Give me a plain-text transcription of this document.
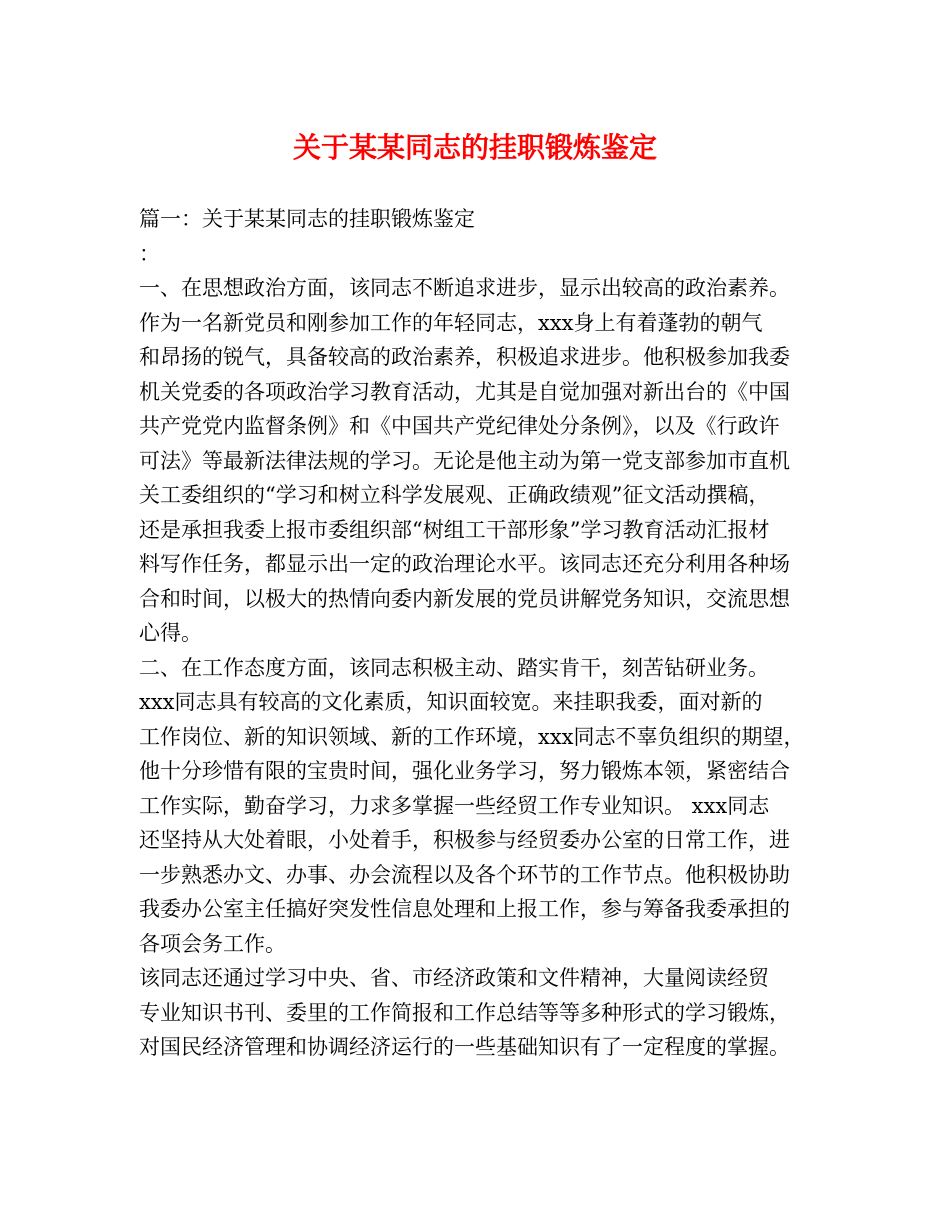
关于某某同志的挂职锻炼鉴定
篇一：关于某某同志的挂职锻炼鉴定
：
一、在思想政治方面，该同志不断追求进步，显示出较高的政治素养。
作为一名新党员和刚参加工作的年轻同志，xxx身上有着蓬勃的朝气
和昂扬的锐气，具备较高的政治素养，积极追求进步。他积极参加我委
机关党委的各项政治学习教育活动，尤其是自觉加强对新出台的《中国
共产党党内监督条例》和《中国共产党纪律处分条例》，以及《行政许
可法》等最新法律法规的学习。无论是他主动为第一党支部参加市直机
关工委组织的“学习和树立科学发展观、正确政绩观”征文活动撰稿，
还是承担我委上报市委组织部“树组工干部形象”学习教育活动汇报材
料写作任务，都显示出一定的政治理论水平。该同志还充分利用各种场
合和时间，以极大的热情向委内新发展的党员讲解党务知识，交流思想
心得。
二、在工作态度方面，该同志积极主动、踏实肯干，刻苦钻研业务。
xxx同志具有较高的文化素质，知识面较宽。来挂职我委，面对新的
工作岗位、新的知识领域、新的工作环境，xxx同志不辜负组织的期望，
他十分珍惜有限的宝贵时间，强化业务学习，努力锻炼本领，紧密结合
工作实际，勤奋学习，力求多掌握一些经贸工作专业知识。 xxx同志
还坚持从大处着眼，小处着手，积极参与经贸委办公室的日常工作，进
一步熟悉办文、办事、办会流程以及各个环节的工作节点。他积极协助
我委办公室主任搞好突发性信息处理和上报工作，参与筹备我委承担的
各项会务工作。
该同志还通过学习中央、省、市经济政策和文件精神，大量阅读经贸
专业知识书刊、委里的工作简报和工作总结等等多种形式的学习锻炼，
对国民经济管理和协调经济运行的一些基础知识有了一定程度的掌握。
